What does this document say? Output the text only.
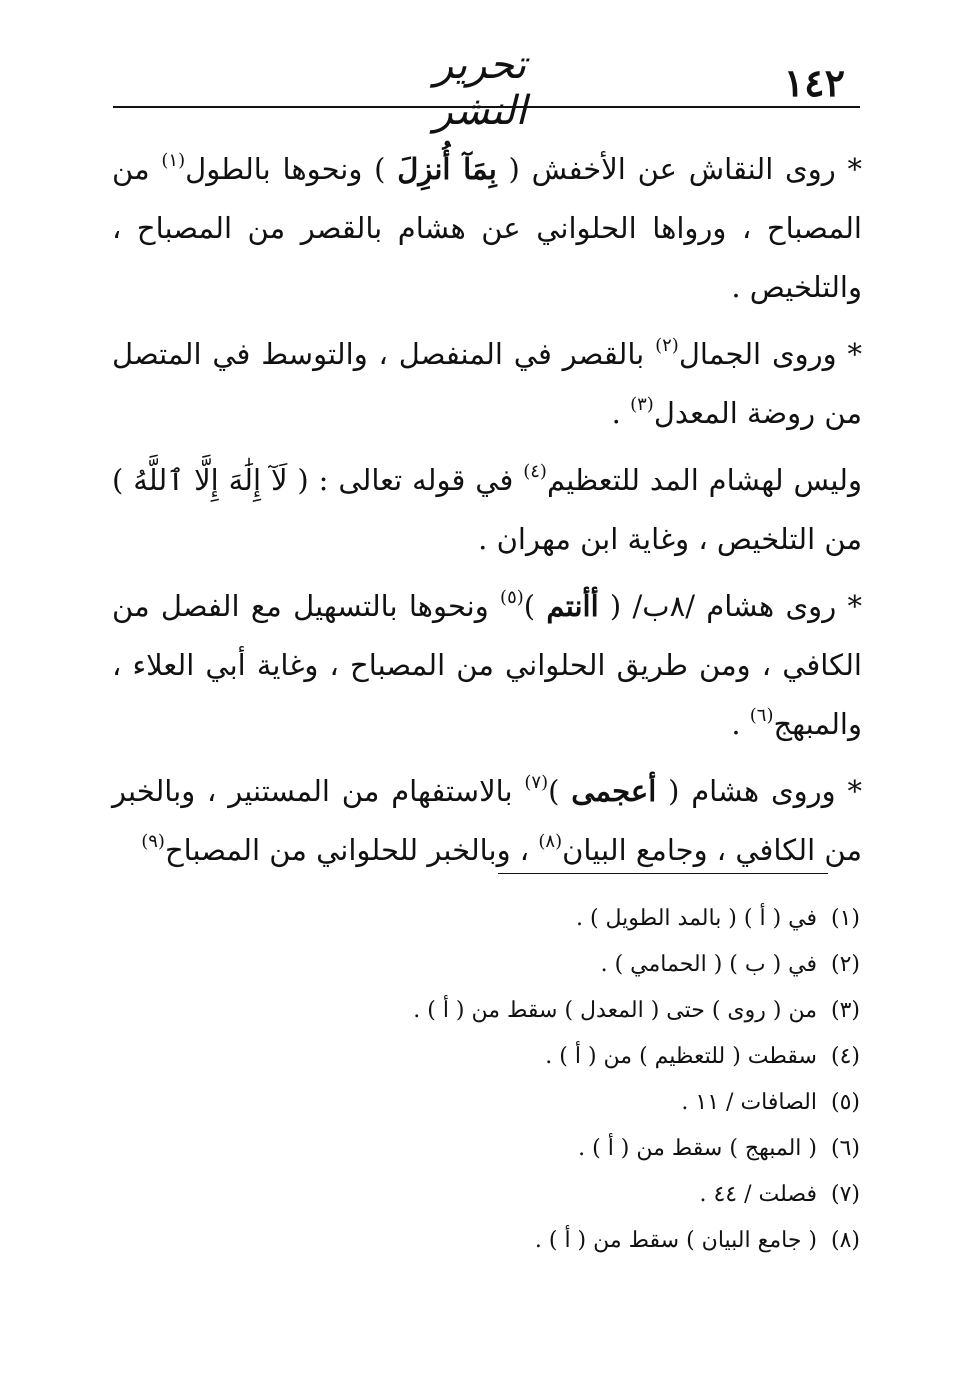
١٤٢
تحرير النشر

* روى النقاش عن الأخفش ( بِمَآ أُنزِلَ ) ونحوها بالطول$^{(١)}$ من المصباح ، ورواها الحلواني عن هشام بالقصر من المصباح ، والتلخيص .

* وروى الجمال$^{(٢)}$ بالقصر في المنفصل ، والتوسط في المتصل من روضة المعدل$^{(٣)}$ .

وليس لهشام المد للتعظيم$^{(٤)}$ في قوله تعالى : ( لَآ إِلَٰهَ إِلَّا ٱللَّهُ ) من التلخيص ، وغاية ابن مهران .

* روى هشام /٨ب/ ( أأنتم )$^{(٥)}$ ونحوها بالتسهيل مع الفصل من الكافي ، ومن طريق الحلواني من المصباح ، وغاية أبي العلاء ، والمبهج$^{(٦)}$ .

* وروى هشام ( أعجمى )$^{(٧)}$ بالاستفهام من المستنير ، وبالخبر من الكافي ، وجامع البيان$^{(٨)}$ ، وبالخبر للحلواني من المصباح$^{(٩)}$

(١) في ( أ ) ( بالمد الطويل ) .
(٢) في ( ب ) ( الحمامي ) .
(٣) من ( روى ) حتى ( المعدل ) سقط من ( أ ) .
(٤) سقطت ( للتعظيم ) من ( أ ) .
(٥) الصافات / ١١ .
(٦) ( المبهج ) سقط من ( أ ) .
(٧) فصلت / ٤٤ .
(٨) ( جامع البيان ) سقط من ( أ ) .
